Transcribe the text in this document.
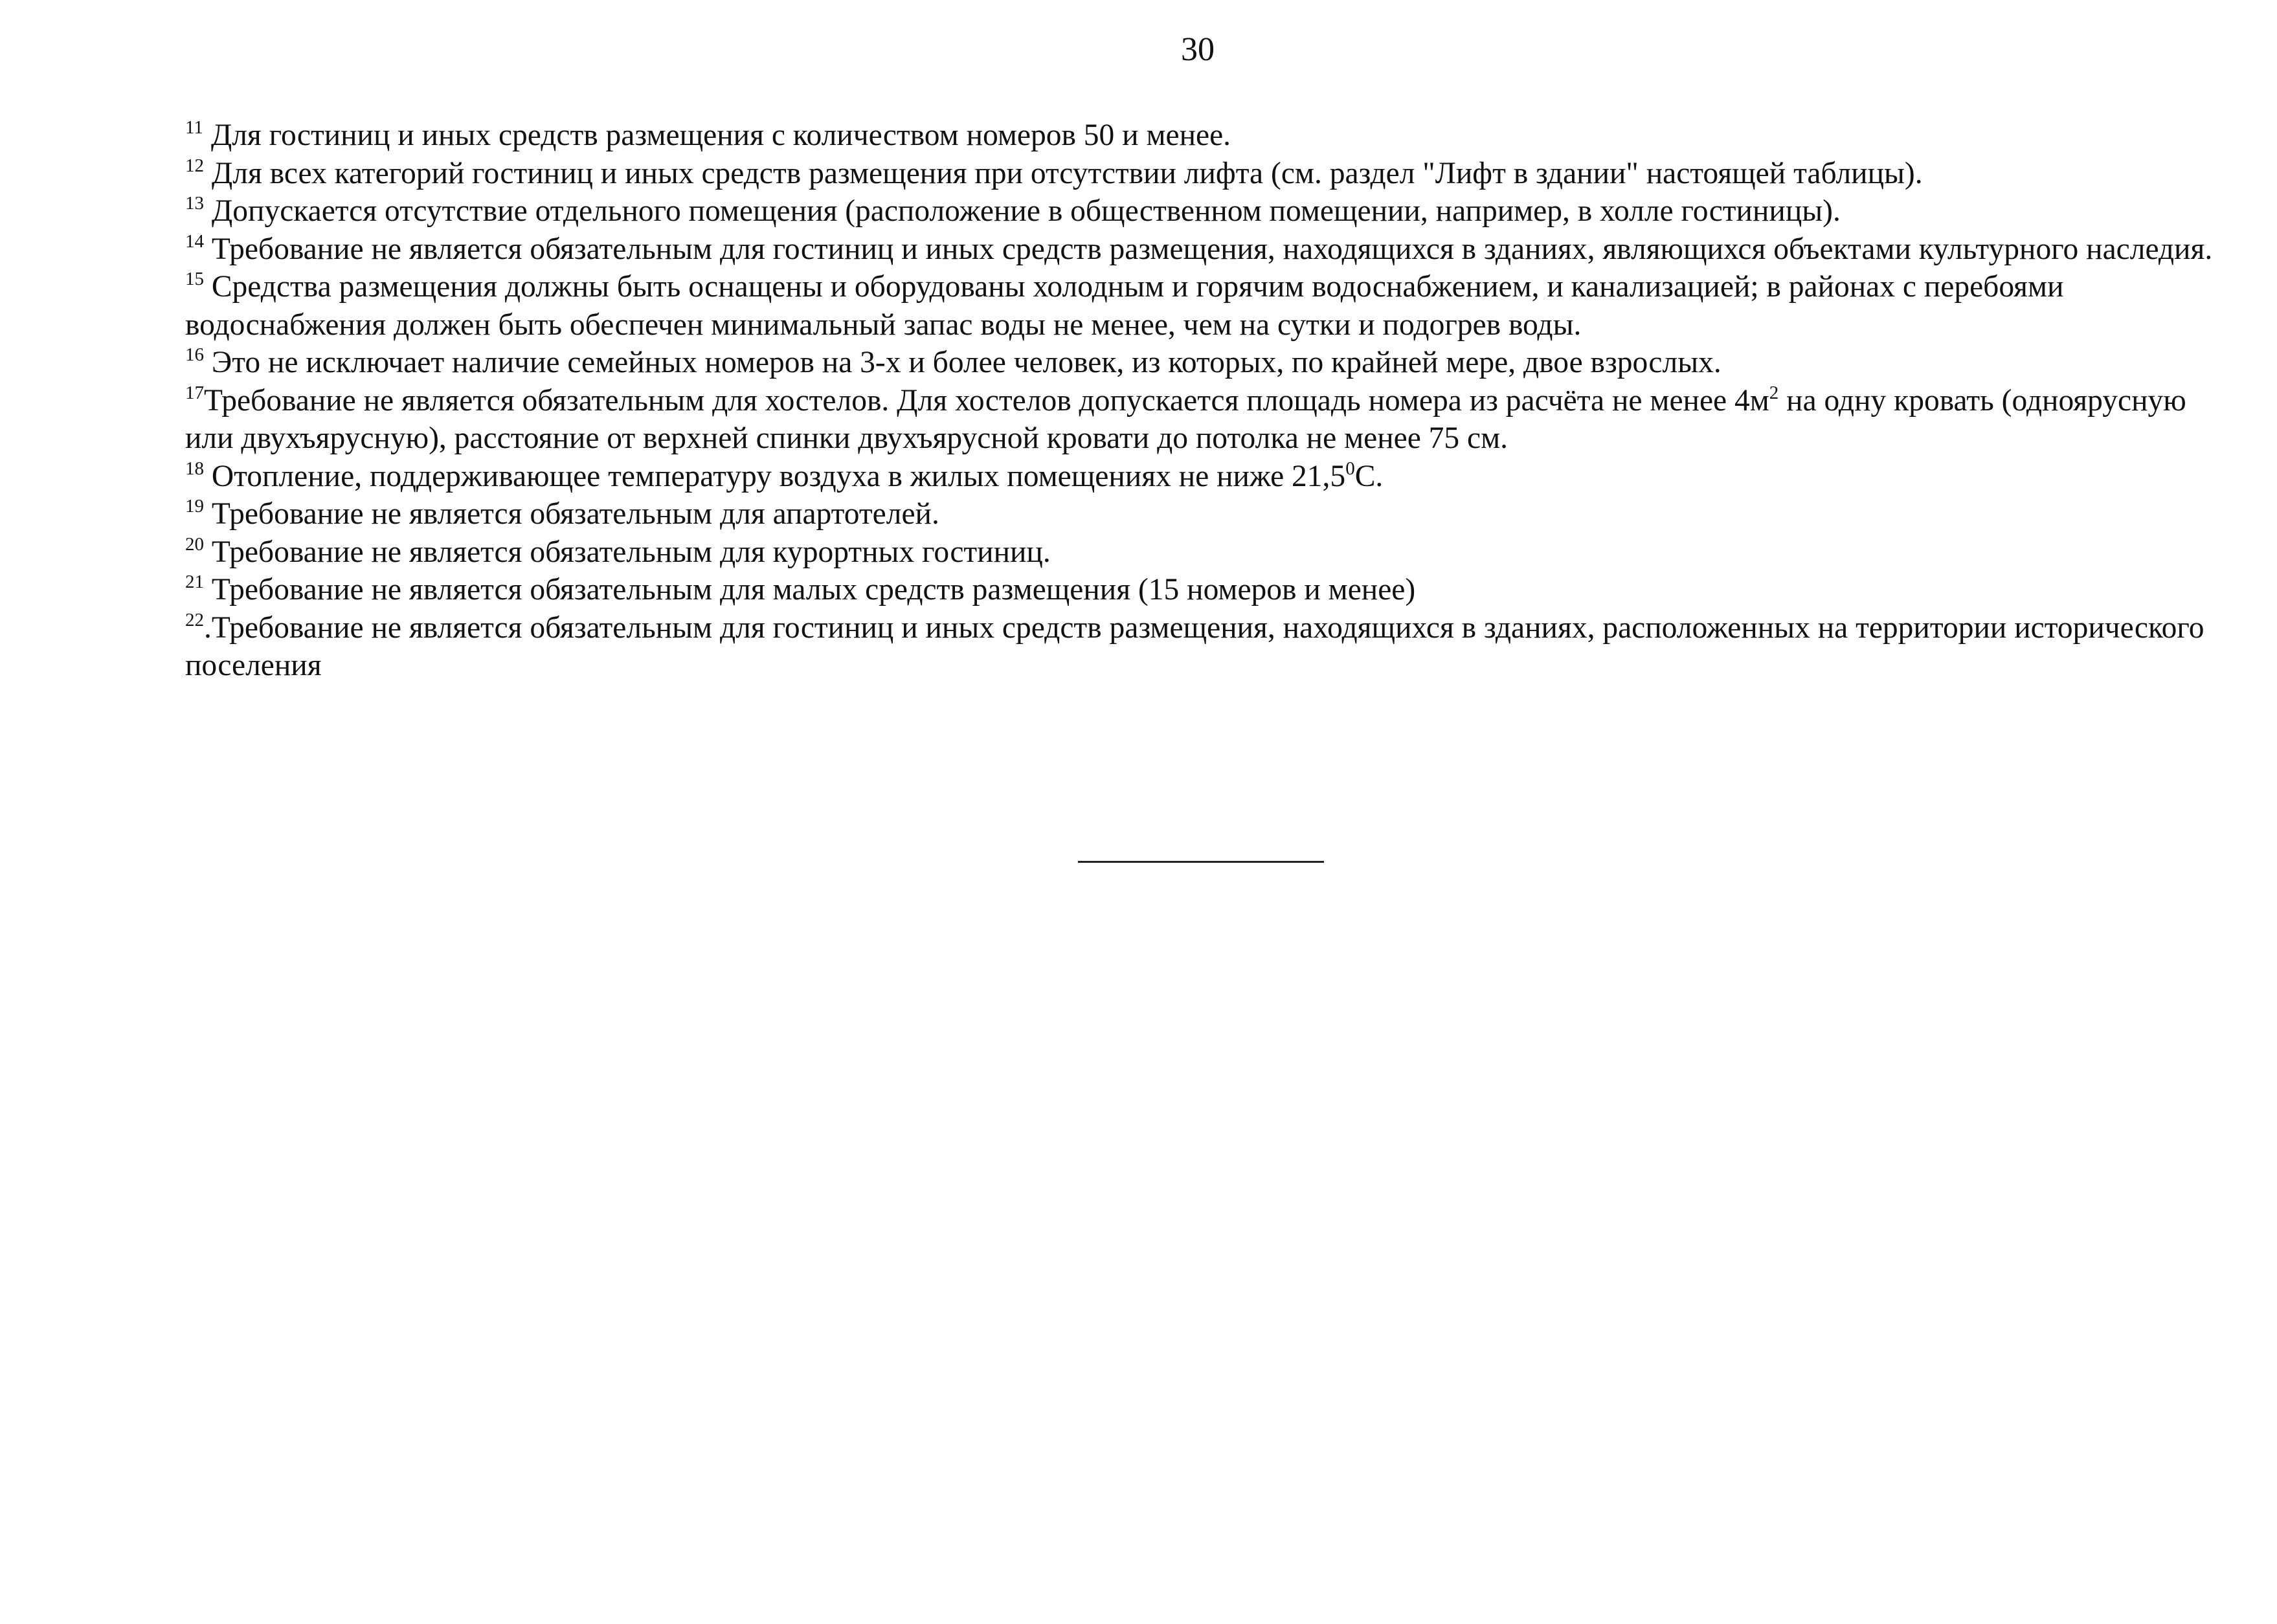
30

$^{11}$ Для гостиниц и иных средств размещения с количеством номеров 50 и менее.

$^{12}$ Для всех категорий гостиниц и иных средств размещения при отсутствии лифта (см. раздел "Лифт в здании" настоящей таблицы).

$^{13}$ Допускается отсутствие отдельного помещения (расположение в общественном помещении, например, в холле гостиницы).

$^{14}$ Требование не является обязательным для гостиниц и иных средств размещения, находящихся в зданиях, являющихся объектами культурного наследия.

$^{15}$ Средства размещения должны быть оснащены и оборудованы холодным и горячим водоснабжением, и канализацией; в районах с перебоями водоснабжения должен быть обеспечен минимальный запас воды не менее, чем на сутки и подогрев воды.

$^{16}$ Это не исключает наличие семейных номеров на 3-х и более человек, из которых, по крайней мере, двое взрослых.

$^{17}$Требование не является обязательным для хостелов. Для хостелов допускается площадь номера из расчёта не менее $4м^2$ на одну кровать (одноярусную или двухъярусную), расстояние от верхней спинки двухъярусной кровати до потолка не менее 75 см.

$^{18}$ Отопление, поддерживающее температуру воздуха в жилых помещениях не ниже 21,5$^0$С.

$^{19}$ Требование не является обязательным для апартотелей.

$^{20}$ Требование не является обязательным для курортных гостиниц.

$^{21}$ Требование не является обязательным для малых средств размещения (15 номеров и менее)

$^{22}$.Требование не является обязательным для гостиниц и иных средств размещения, находящихся в зданиях, расположенных на территории исторического поселения
